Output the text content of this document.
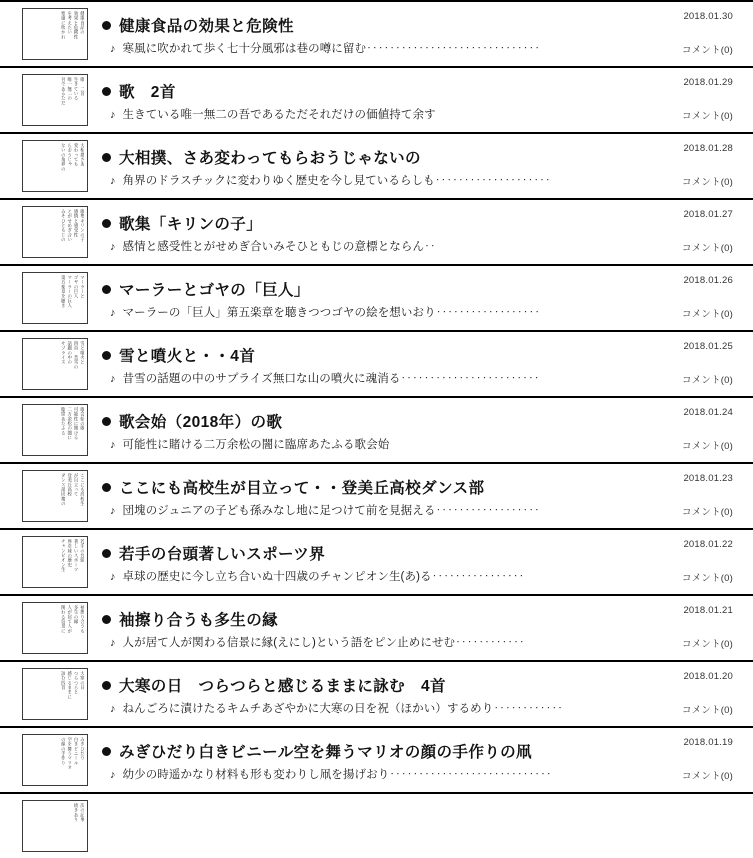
健康食品の
効果と危険性
を考えたい
寒風に吹かれ	健康食品の効果と危険性
♪ 寒風に吹かれて歩く七十分風邪は巷の噂に留む‥‥‥‥‥‥‥‥‥‥‥‥‥‥‥
2018.01.30
コメント(0)
歌　二首
生きている
唯一無二の
吾であるただ	歌　2首
♪ 生きている唯一無二の吾であるただそれだけの価値持て余す
2018.01.29
コメント(0)
大相撲さあ
変わっても
らおうじゃ
ないの角界の	大相撲、さあ変わってもらおうじゃないの
♪ 角界のドラスチックに変わりゆく歴史を今し見ているらしも‥‥‥‥‥‥‥‥‥‥
2018.01.28
コメント(0)
歌集キリンの子
感情と感受性
とがせめぎ合い
みそひともじの	歌集「キリンの子」
♪ 感情と感受性とがせめぎ合いみそひともじの意標とならん‥
2018.01.27
コメント(0)
マーラーと
ゴヤの巨人
マーラーの巨人
第五楽章を聴き	マーラーとゴヤの「巨人」
♪ マーラーの「巨人」第五楽章を聴きつつゴヤの絵を想いおり‥‥‥‥‥‥‥‥‥
2018.01.26
コメント(0)
雪と噴火と
四首　昔雪の
話題の中の
サプライズ	雪と噴火と・・4首
♪ 昔雪の話題の中のサプライズ無口な山の噴火に魂消る‥‥‥‥‥‥‥‥‥‥‥‥
2018.01.25
コメント(0)
歌会始の歌
可能性に賭ける
二万余松の闇に
臨席あたふる	歌会始（2018年）の歌
♪ 可能性に賭ける二万余松の闇に臨席あたふる歌会始
2018.01.24
コメント(0)
ここにも高校生
が目立って
登美丘高校
ダンス部団塊の	ここにも高校生が目立って・・登美丘高校ダンス部
♪ 団塊のジュニアの子ども孫みなし地に足つけて前を見据える‥‥‥‥‥‥‥‥‥
2018.01.23
コメント(0)
若手の台頭
著しいスポーツ
界卓球の歴史
チャンピオン生	若手の台頭著しいスポーツ界
♪ 卓球の歴史に今し立ち合いぬ十四歳のチャンピオン生(あ)る‥‥‥‥‥‥‥‥
2018.01.22
コメント(0)
袖擦り合うも
多生の縁
人が居て人が
関わる信景に	袖擦り合うも多生の縁
♪ 人が居て人が関わる信景に縁(えにし)という語をピン止めにせむ‥‥‥‥‥‥
2018.01.21
コメント(0)
大寒の日
つらつらと
感じるままに
詠む四首	大寒の日　つらつらと感じるままに詠む　4首
♪ ねんごろに漬けたるキムチあざやかに大寒の日を祝（ほかい）するめり‥‥‥‥‥‥
2018.01.20
コメント(0)
みぎひだり
白きビニール
空を舞うマリオ
の顔の手作り	みぎひだり白きビニール空を舞うマリオの顔の手作りの凧
♪ 幼少の時遥かなり材料も形も変わりし凧を揚げおり‥‥‥‥‥‥‥‥‥‥‥‥‥‥
2018.01.19
コメント(0)
次の記事
続きあり
